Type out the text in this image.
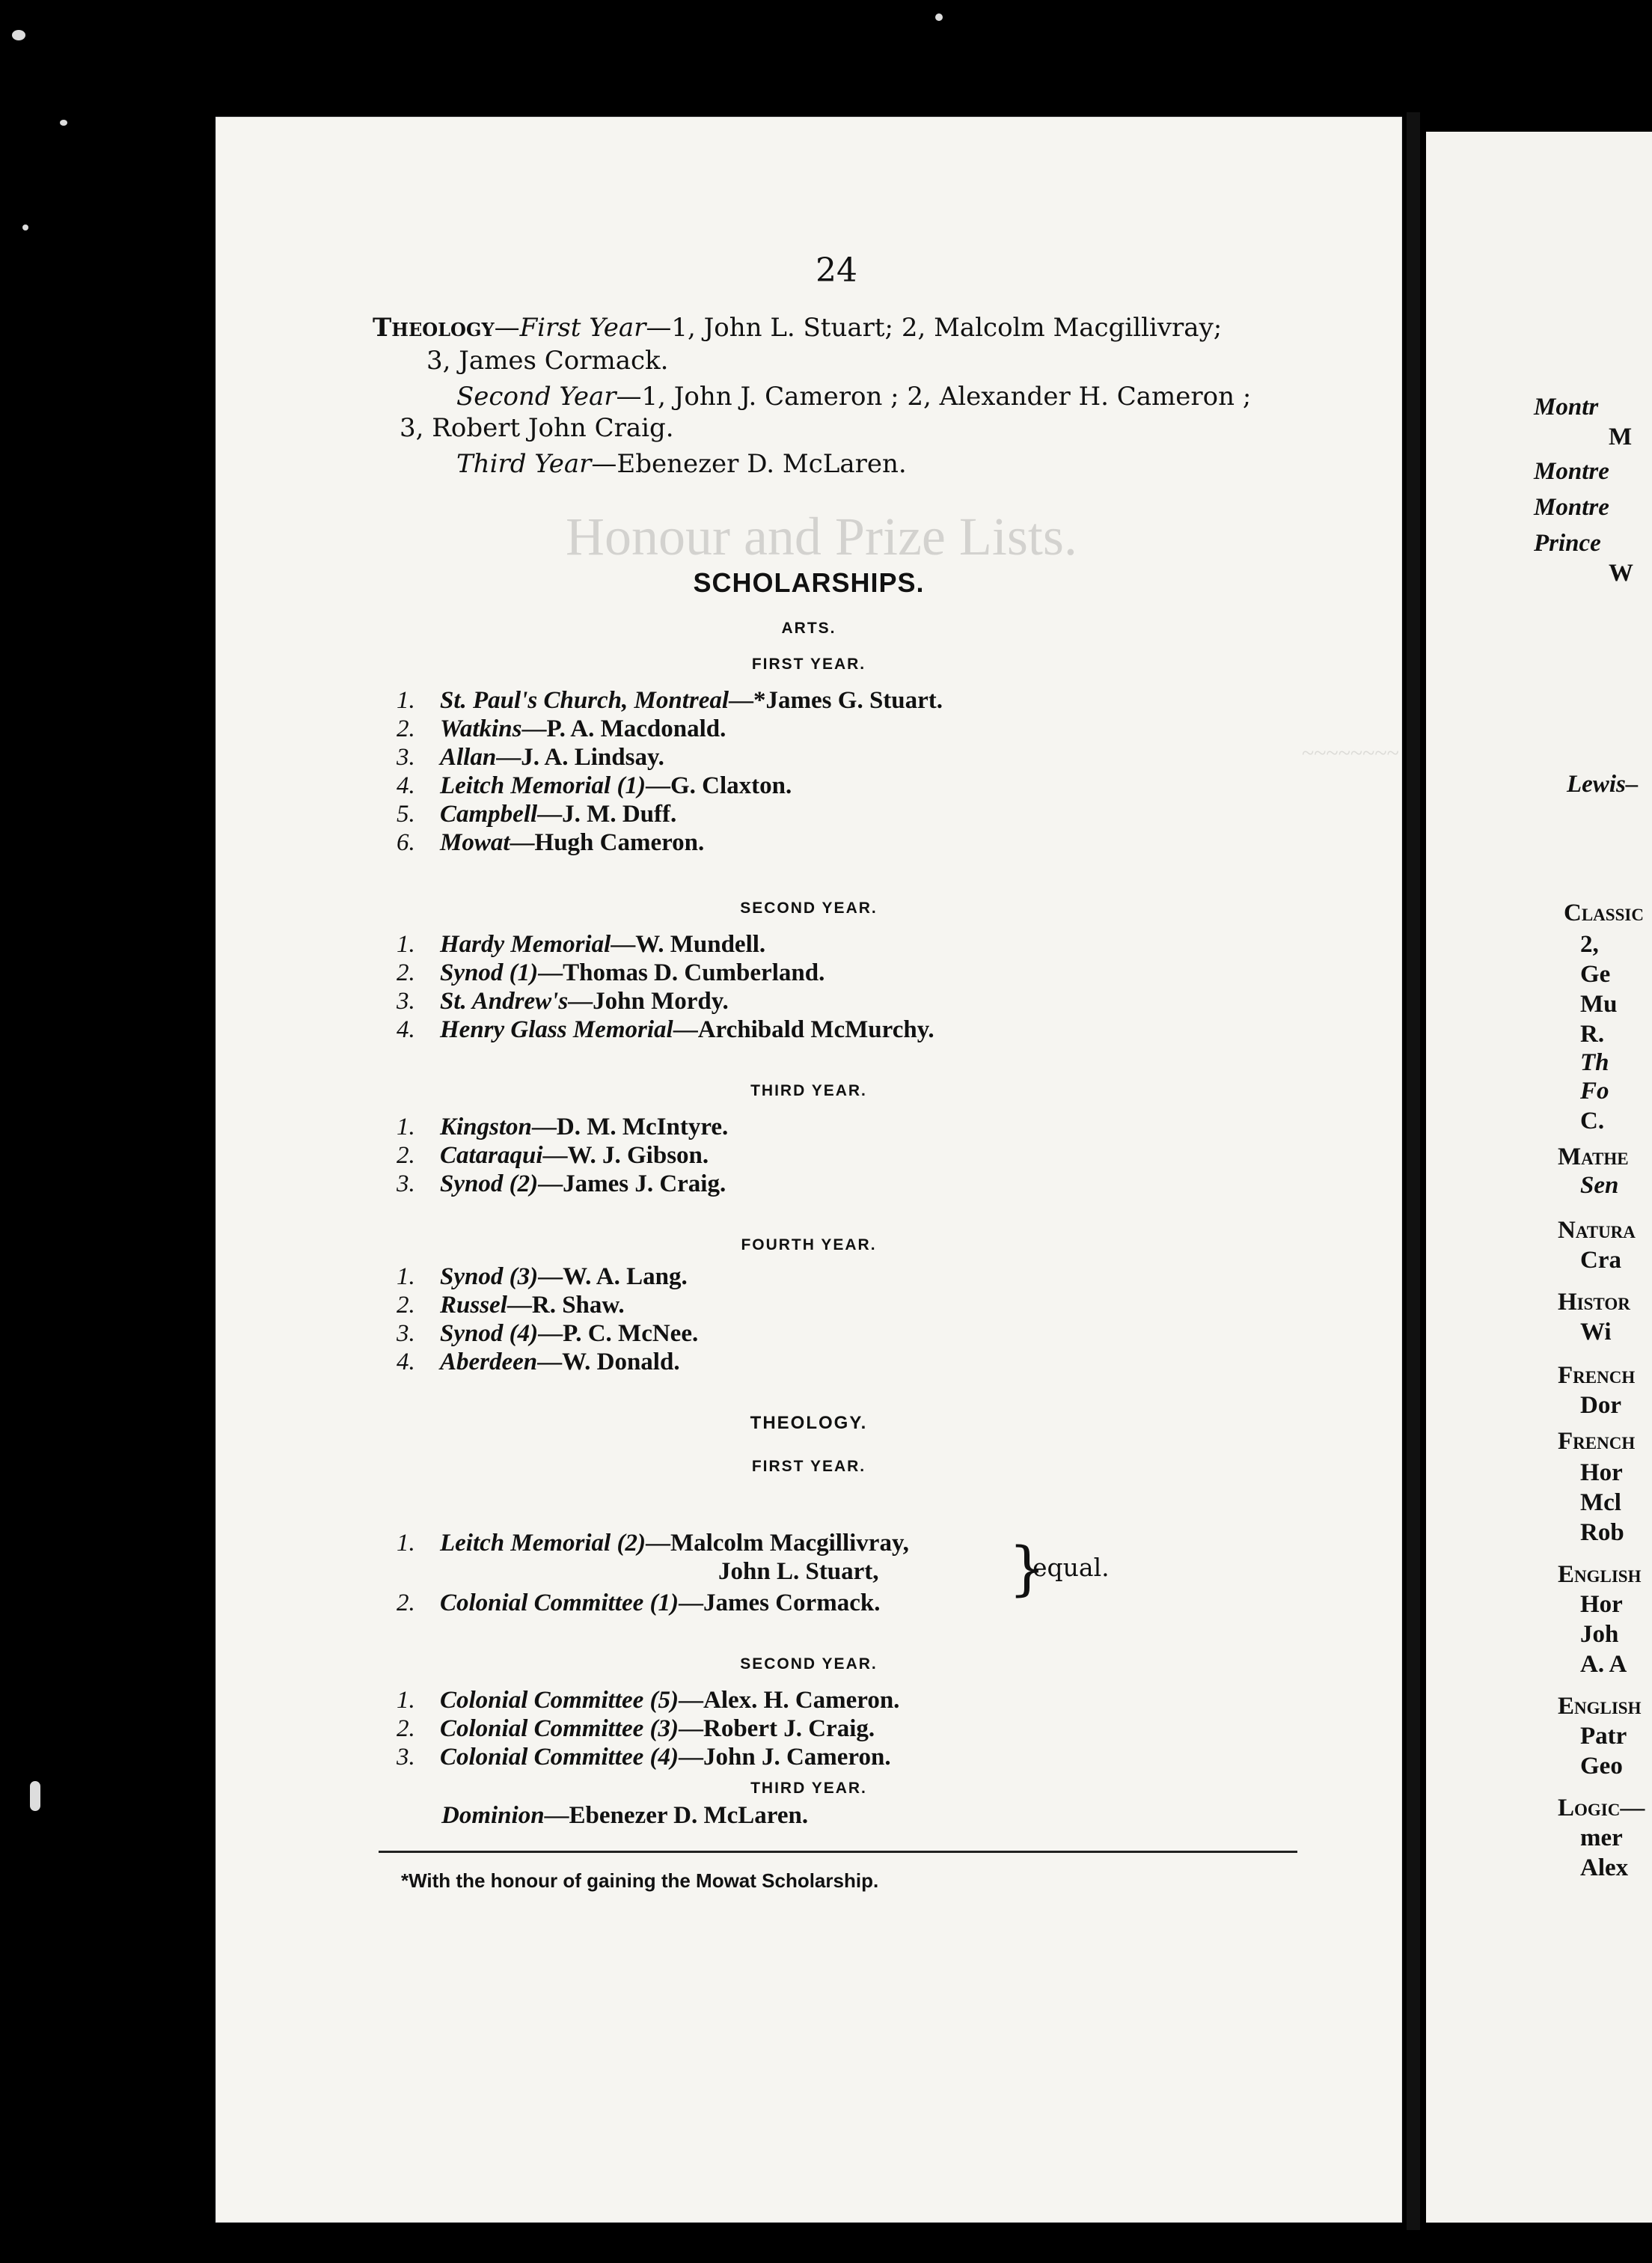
Honour and Prize Lists.
~~~~~~~~
24
Theology—First Year—1, John L. Stuart; 2, Malcolm Macgillivray;
3, James Cormack.
Second Year—1, John J. Cameron ; 2, Alexander H. Cameron ;
3, Robert John Craig.
Third Year—Ebenezer D. McLaren.
SCHOLARSHIPS.
ARTS.
FIRST YEAR.
1. St. Paul's Church, Montreal—*James G. Stuart.
2. Watkins—P. A. Macdonald.
3. Allan—J. A. Lindsay.
4. Leitch Memorial (1)—G. Claxton.
5. Campbell—J. M. Duff.
6. Mowat—Hugh Cameron.
SECOND YEAR.
1. Hardy Memorial—W. Mundell.
2. Synod (1)—Thomas D. Cumberland.
3. St. Andrew's—John Mordy.
4. Henry Glass Memorial—Archibald McMurchy.
THIRD YEAR.
1. Kingston—D. M. McIntyre.
2. Cataraqui—W. J. Gibson.
3. Synod (2)—James J. Craig.
FOURTH YEAR.
1. Synod (3)—W. A. Lang.
2. Russel—R. Shaw.
3. Synod (4)—P. C. McNee.
4. Aberdeen—W. Donald.
THEOLOGY.
FIRST YEAR.
1. Leitch Memorial (2)—Malcolm Macgillivray,
John L. Stuart, }
equal.
2. Colonial Committee (1)—James Cormack.
SECOND YEAR.
1. Colonial Committee (5)—Alex. H. Cameron.
2. Colonial Committee (3)—Robert J. Craig.
3. Colonial Committee (4)—John J. Cameron.
THIRD YEAR.
Dominion—Ebenezer D. McLaren.
*With the honour of gaining the Mowat Scholarship.
Montr
M
Montre
Montre
Prince
W
Lewis–
Classic
2,
Ge
Mu
R.
Th
Fo
C.
Mathe
Sen
Natura
Cra
Histor
Wi
French
Dor
French
Hor
Mcl
Rob
English
Hor
Joh
A. A
English
Patr
Geo
Logic—
mer
Alex
